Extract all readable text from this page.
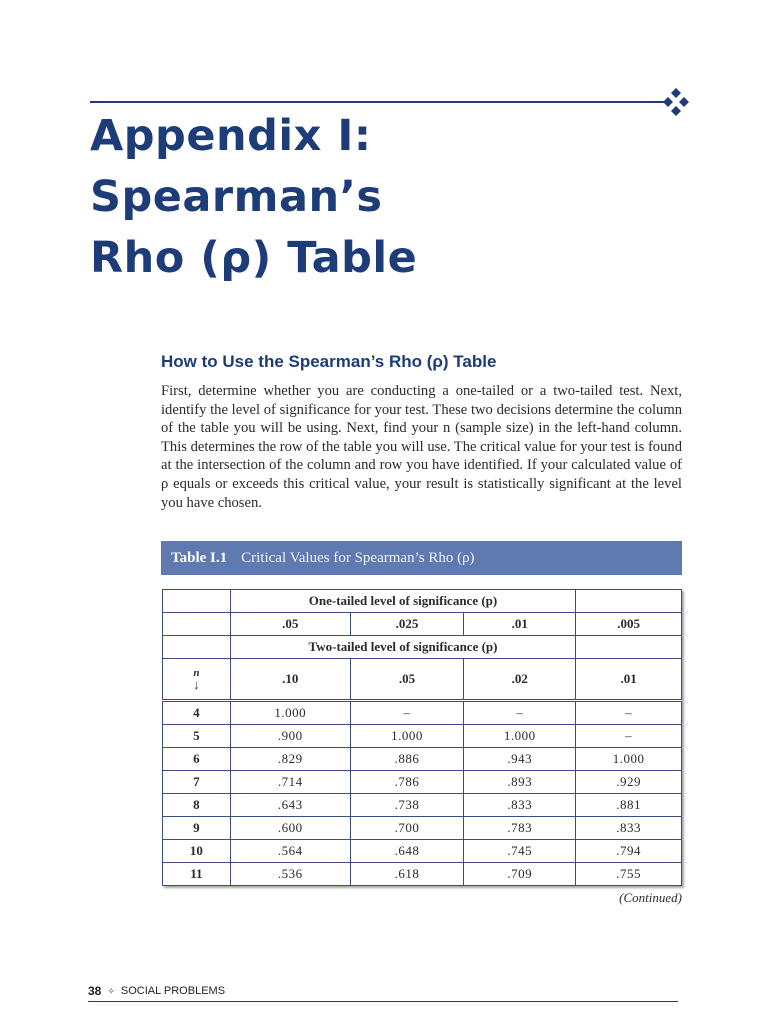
Appendix I:
Spearman’s
Rho (ρ) Table
How to Use the Spearman’s Rho (ρ) Table

First, determine whether you are conducting a one-tailed or a two-tailed test. Next, identify the level of significance for your test. These two decisions determine the column of the table you will be using. Next, find your n (sample size) in the left-hand column. This determines the row of the table you will use. The critical value for your test is found at the intersection of the column and row you have identified. If your calculated value of ρ equals or exceeds this critical value, your result is statistically significant at the level you have chosen.

Table I.1 Critical Values for Spearman’s Rho (ρ)
	One-tailed level of significance (p)			
	.05	.025	.01	.005
	Two-tailed level of significance (p)			

n
↓	.10	.05	.02	.01
4	1.000	–	–	–
5	.900	1.000	1.000	–
6	.829	.886	.943	1.000
7	.714	.786	.893	.929
8	.643	.738	.833	.881
9	.600	.700	.783	.833
10	.564	.648	.745	.794
11	.536	.618	.709	.755
(Continued)
38 ✧ SOCIAL PROBLEMS
